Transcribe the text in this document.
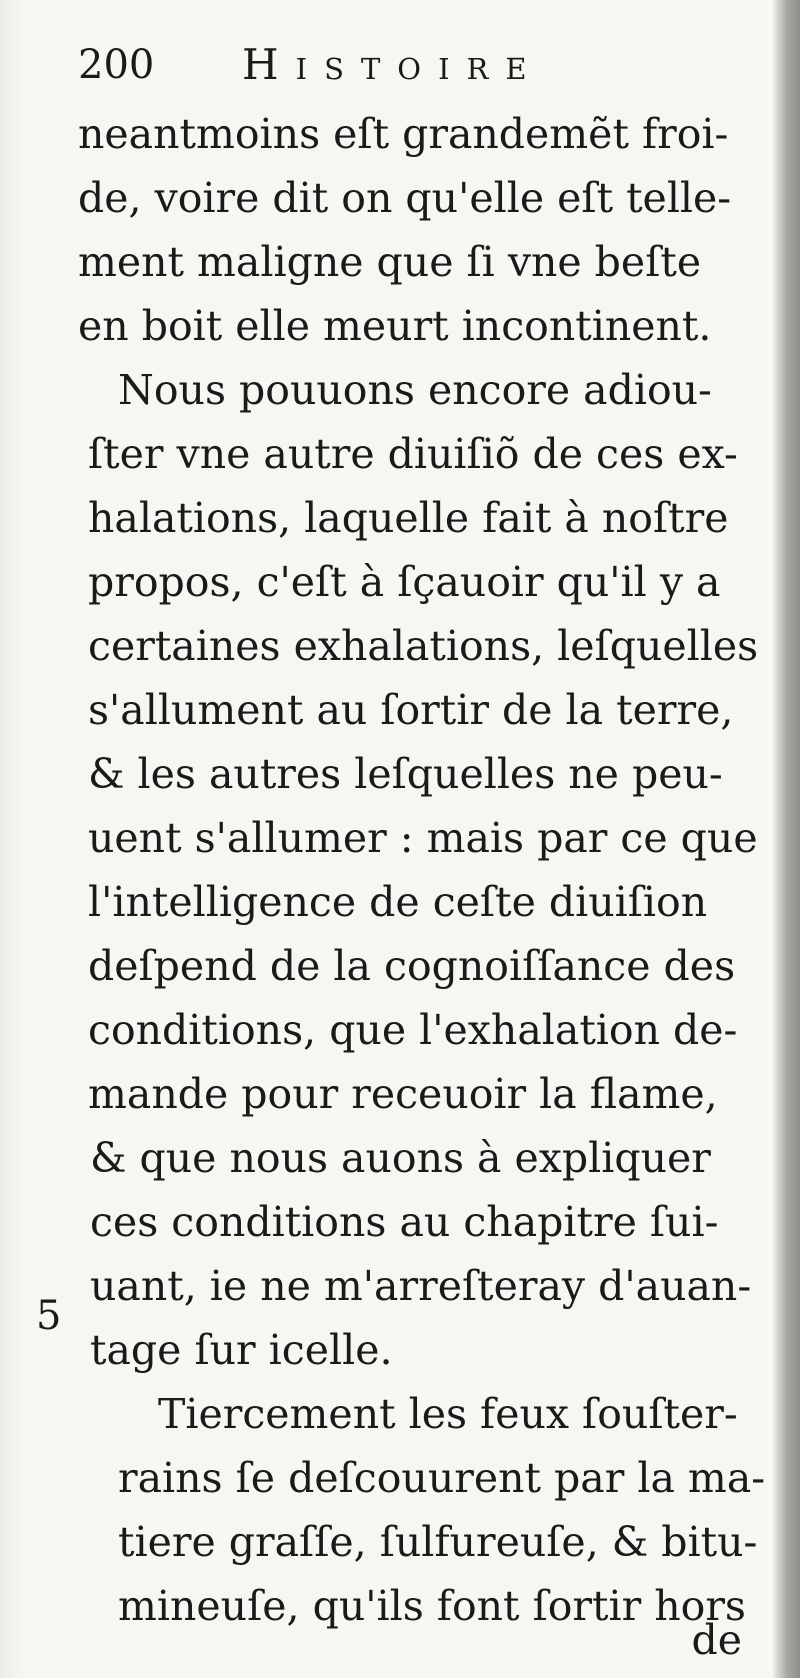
200 Histoire
neantmoins eſt grandemẽt froi-
de, voire dit on qu'elle eſt telle-
ment maligne que ſi vne beſte
en boit elle meurt incontinent.
Nous pouuons encore adiou-
ſter vne autre diuiſiõ de ces ex-
halations, laquelle fait à noſtre
propos, c'eſt à ſçauoir qu'il y a
certaines exhalations, leſquelles
s'allument au ſortir de la terre,
& les autres leſquelles ne peu-
uent s'allumer : mais par ce que
l'intelligence de ceſte diuiſion
deſpend de la cognoiſſance des
conditions, que l'exhalation de-
mande pour receuoir la flame,
& que nous auons à expliquer
ces conditions au chapitre ſui-
uant, ie ne m'arreſteray d'auan-
tage ſur icelle.
Tiercement les feux ſouſter-
rains ſe deſcouurent par la ma-
tiere graſſe, ſulfureuſe, & bitu-
mineuſe, qu'ils font ſortir hors
5
de
